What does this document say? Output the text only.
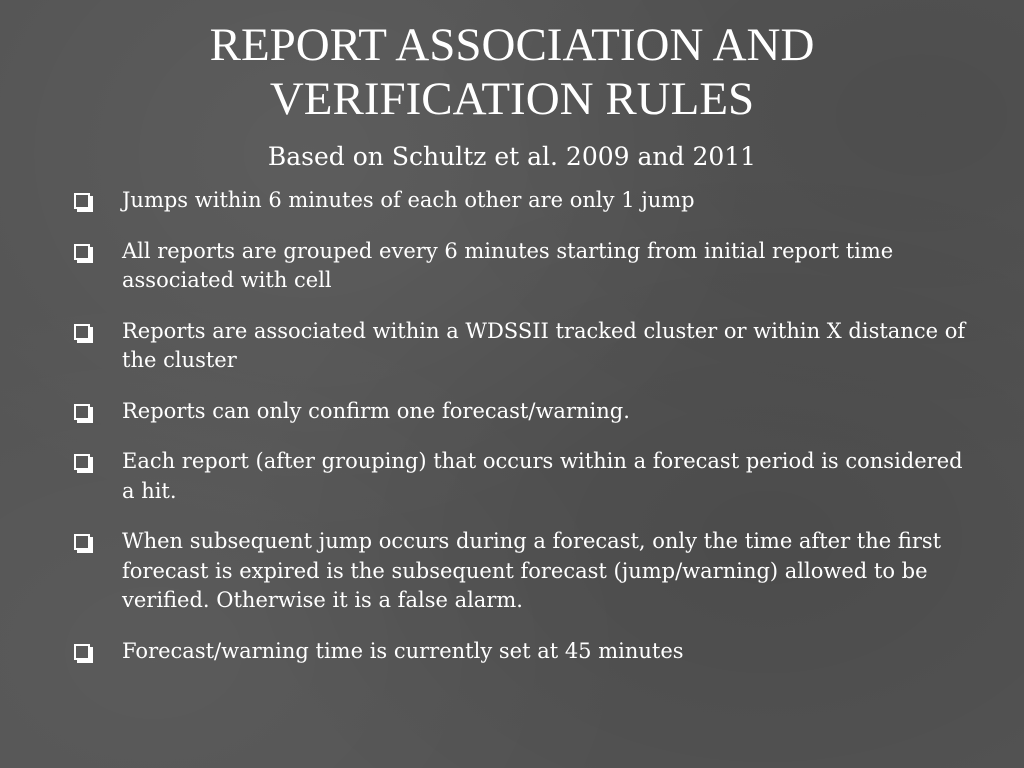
REPORT ASSOCIATION AND
VERIFICATION RULES

Based on Schultz et al. 2009 and 2011

Jumps within 6 minutes of each other are only 1 jump
All reports are grouped every 6 minutes starting from initial report time associated with cell
Reports are associated within a WDSSII tracked cluster or within X distance of the cluster
Reports can only confirm one forecast/warning.
Each report (after grouping) that occurs within a forecast period is considered a hit.
When subsequent jump occurs during a forecast, only the time after the first forecast is expired is the subsequent forecast (jump/warning) allowed to be verified. Otherwise it is a false alarm.
Forecast/warning time is currently set at 45 minutes
